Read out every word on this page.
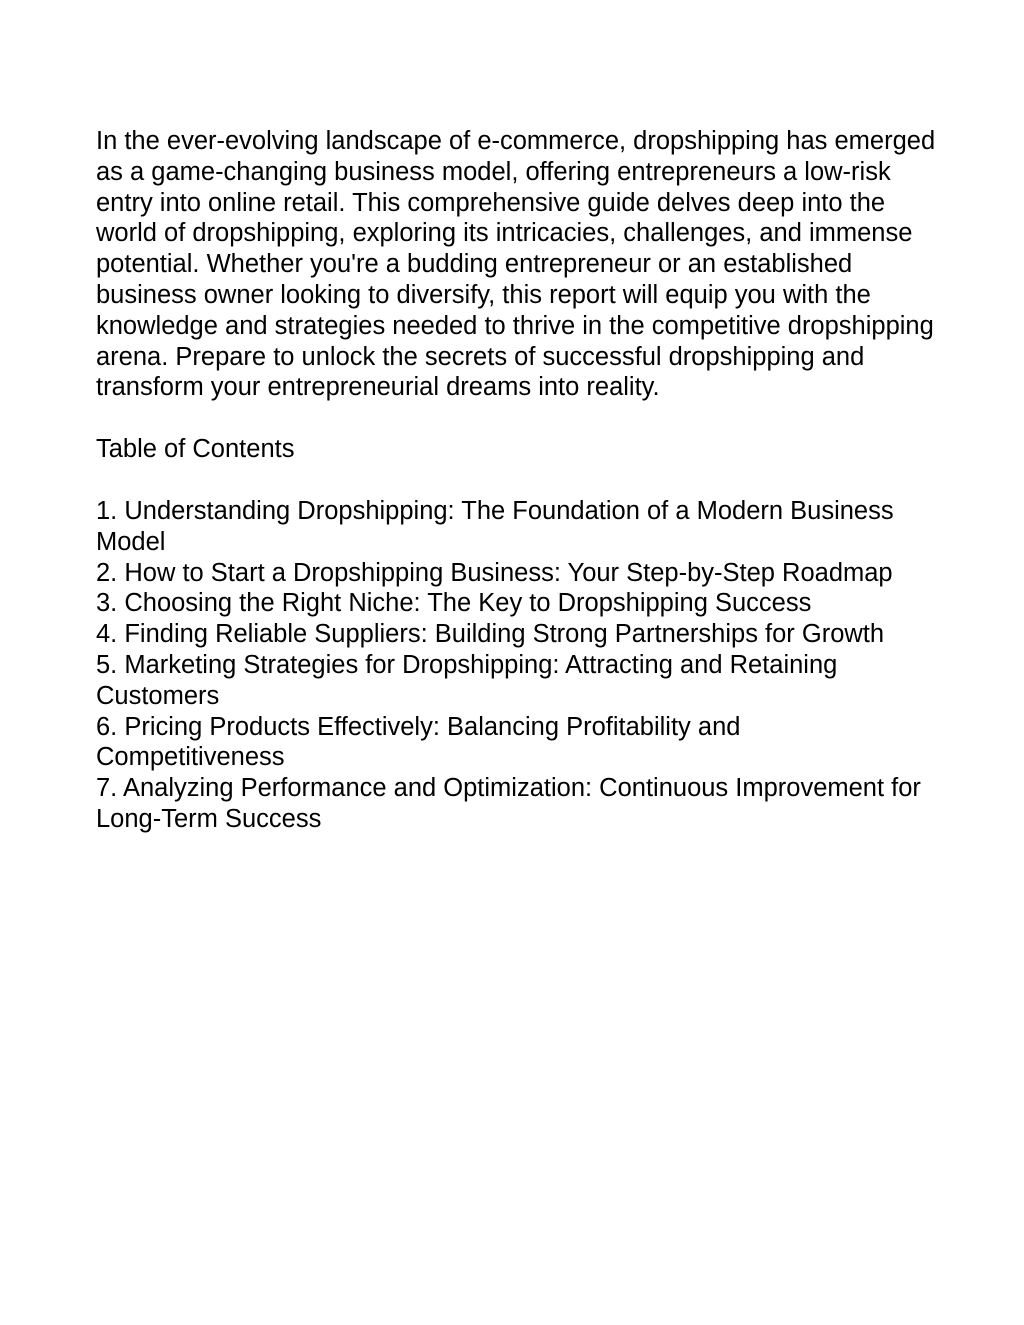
In the ever-evolving landscape of e-commerce, dropshipping has emerged as a game-changing business model, offering entrepreneurs a low-risk entry into online retail. This comprehensive guide delves deep into the world of dropshipping, exploring its intricacies, challenges, and immense potential. Whether you're a budding entrepreneur or an established business owner looking to diversify, this report will equip you with the knowledge and strategies needed to thrive in the competitive dropshipping arena. Prepare to unlock the secrets of successful dropshipping and transform your entrepreneurial dreams into reality.

Table of Contents
1. Understanding Dropshipping: The Foundation of a Modern Business Model
2. How to Start a Dropshipping Business: Your Step-by-Step Roadmap
3. Choosing the Right Niche: The Key to Dropshipping Success
4. Finding Reliable Suppliers: Building Strong Partnerships for Growth
5. Marketing Strategies for Dropshipping: Attracting and Retaining Customers
6. Pricing Products Effectively: Balancing Profitability and Competitiveness
7. Analyzing Performance and Optimization: Continuous Improvement for Long-Term Success
